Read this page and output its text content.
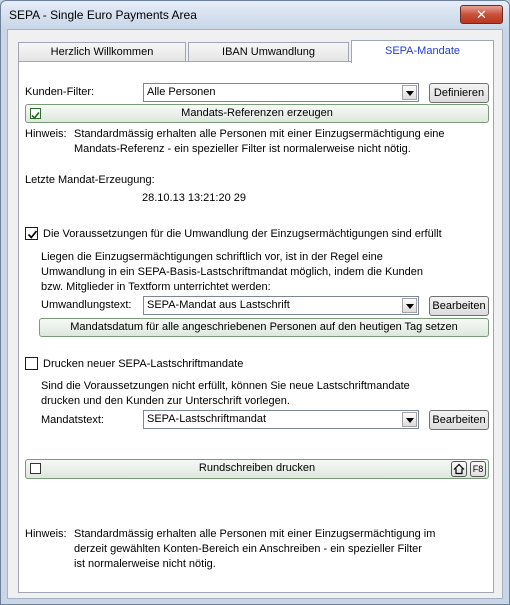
SEPA - Single Euro Payments Area	✕
Herzlich Willkommen	IBAN Umwandlung	SEPA-Mandate
Kunden-Filter:	Alle Personen	Definieren
Mandats-Referenzen erzeugen
Hinweis: Standardmässig erhalten alle Personen mit einer Einzugsermächtigung eine
Mandats-Referenz - ein spezieller Filter ist normalerweise nicht nötig.
Letzte Mandat-Erzeugung:
28.10.13 13:21:20 29
Die Voraussetzungen für die Umwandlung der Einzugsermächtigungen sind erfüllt
Liegen die Einzugsermächtigungen schriftlich vor, ist in der Regel eine
Umwandlung in ein SEPA-Basis-Lastschriftmandat möglich, indem die Kunden
bzw. Mitglieder in Textform unterrichtet werden:
Umwandlungstext: SEPA-Mandat aus Lastschrift	Bearbeiten
Mandatsdatum für alle angeschriebenen Personen auf den heutigen Tag setzen
Drucken neuer SEPA-Lastschriftmandate
Sind die Voraussetzungen nicht erfüllt, können Sie neue Lastschriftmandate
drucken und den Kunden zur Unterschrift vorlegen.
Mandatstext:	SEPA-Lastschriftmandat	Bearbeiten
Rundschreiben drucken	F8
Hinweis: Standardmässig erhalten alle Personen mit einer Einzugsermächtigung im
derzeit gewählten Konten-Bereich ein Anschreiben - ein spezieller Filter
ist normalerweise nicht nötig.
